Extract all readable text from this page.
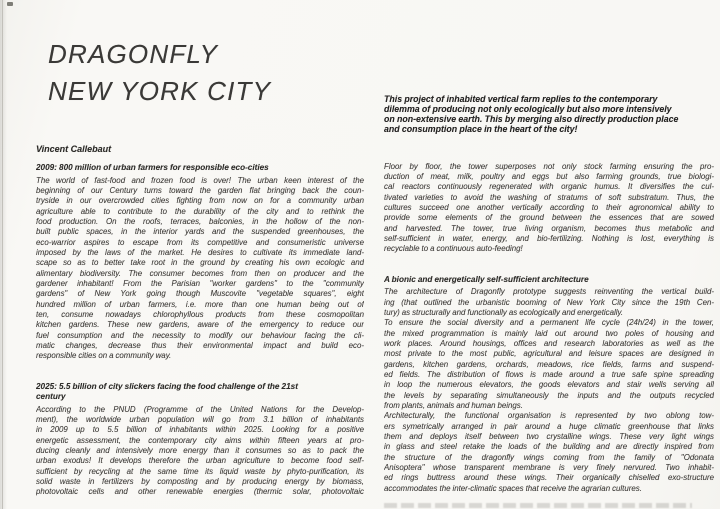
DRAGONFLY
NEW YORK CITY
Vincent Callebaut
2009: 800 million of urban farmers for responsible eco-cities
The world of fast-food and frozen food is over! The urban keen interest of the
beginning of our Century turns toward the garden flat bringing back the coun-
tryside in our overcrowded cities fighting from now on for a community urban
agriculture able to contribute to the durability of the city and to rethink the
food production. On the roofs, terraces, balconies, in the hollow of the non-
built public spaces, in the interior yards and the suspended greenhouses, the
eco-warrior aspires to escape from its competitive and consumeristic universe
imposed by the laws of the market. He desires to cultivate its immediate land-
scape so as to better take root in the ground by creating his own ecologic and
alimentary biodiversity. The consumer becomes from then on producer and the
gardener inhabitant! From the Parisian "worker gardens" to the "community
gardens" of New York going though Muscovite "vegetable squares", eight
hundred million of urban farmers, i.e. more than one human being out of
ten, consume nowadays chlorophyllous products from these cosmopolitan
kitchen gardens. These new gardens, aware of the emergency to reduce our
fuel consumption and the necessity to modify our behaviour facing the cli-
matic changes, decrease thus their environmental impact and build eco-
responsible cities on a community way.
2025: 5.5 billion of city slickers facing the food challenge of the 21st
century
According to the PNUD (Programme of the United Nations for the Develop-
ment), the worldwide urban population will go from 3.1 billion of inhabitants
in 2009 up to 5.5 billion of inhabitants within 2025. Looking for a positive
energetic assessment, the contemporary city aims within fifteen years at pro-
ducing cleanly and intensively more energy than it consumes so as to pack the
urban exodus! It develops therefore the urban agriculture to become food self-
sufficient by recycling at the same time its liquid waste by phyto-purification, its
solid waste in fertilizers by composting and by producing energy by biomass,
photovoltaic cells and other renewable energies (thermic solar, photovoltaic
This project of inhabited vertical farm replies to the contemporary
dilemma of producing not only ecologically but also more intensively
on non-extensive earth. This by merging also directly production place
and consumption place in the heart of the city!
Floor by floor, the tower superposes not only stock farming ensuring the pro-
duction of meat, milk, poultry and eggs but also farming grounds, true biologi-
cal reactors continuously regenerated with organic humus. It diversifies the cul-
tivated varieties to avoid the washing of stratums of soft substratum. Thus, the
cultures succeed one another vertically according to their agronomical ability to
provide some elements of the ground between the essences that are sowed
and harvested. The tower, true living organism, becomes thus metabolic and
self-sufficient in water, energy, and bio-fertilizing. Nothing is lost, everything is
recyclable to a continuous auto-feeding!
A bionic and energetically self-sufficient architecture
The architecture of Dragonfly prototype suggests reinventing the vertical build-
ing (that outlined the urbanistic booming of New York City since the 19th Cen-
tury) as structurally and functionally as ecologically and energetically.
To ensure the social diversity and a permanent life cycle (24h/24) in the tower,
the mixed programmation is mainly laid out around two poles of housing and
work places. Around housings, offices and research laboratories as well as the
most private to the most public, agricultural and leisure spaces are designed in
gardens, kitchen gardens, orchards, meadows, rice fields, farms and suspend-
ed fields. The distribution of flows is made around a true safe spine spreading
in loop the numerous elevators, the goods elevators and stair wells serving all
the levels by separating simultaneously the inputs and the outputs recycled
from plants, animals and human beings.
Architecturally, the functional organisation is represented by two oblong tow-
ers symetrically arranged in pair around a huge climatic greenhouse that links
them and deploys itself between two crystalline wings. These very light wings
in glass and steel retake the loads of the building and are directly inspired from
the structure of the dragonfly wings coming from the family of "Odonata
Anisoptera" whose transparent membrane is very finely nervured. Two inhabit-
ed rings buttress around these wings. Their organically chiselled exo-structure
accommodates the inter-climatic spaces that receive the agrarian cultures.
